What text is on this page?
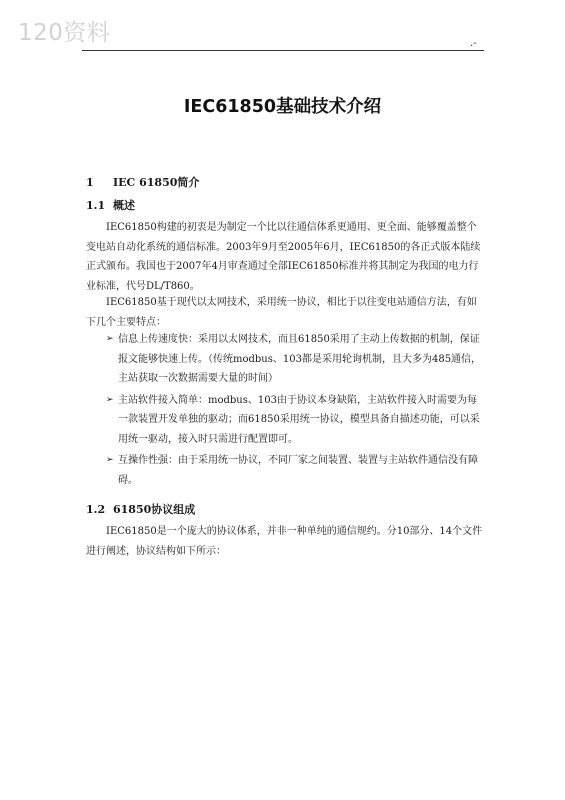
120资料	.-
IEC61850基础技术介绍
1 IEC 61850简介
1.1 概述
IEC61850构建的初衷是为制定一个比以往通信体系更通用、更全面、能够覆盖整个变电站自动化系统的通信标准。2003年9月至2005年6月，IEC61850的各正式版本陆续正式颁布。我国也于2007年4月审查通过全部IEC61850标准并将其制定为我国的电力行业标准，代号DL/T860。
IEC61850基于现代以太网技术，采用统一协议，相比于以往变电站通信方法，有如下几个主要特点：
➢ 信息上传速度快：采用以太网技术，而且61850采用了主动上传数据的机制，保证报文能够快速上传。（传统modbus、103都是采用轮询机制，且大多为485通信，主站获取一次数据需要大量的时间）
➢ 主站软件接入简单：modbus、103由于协议本身缺陷，主站软件接入时需要为每一款装置开发单独的驱动；而61850采用统一协议，模型具备自描述功能，可以采用统一驱动，接入时只需进行配置即可。
➢ 互操作性强：由于采用统一协议，不同厂家之间装置、装置与主站软件通信没有障碍。
1.2 61850协议组成
IEC61850是一个庞大的协议体系，并非一种单纯的通信规约。分10部分、14个文件进行阐述，协议结构如下所示：
